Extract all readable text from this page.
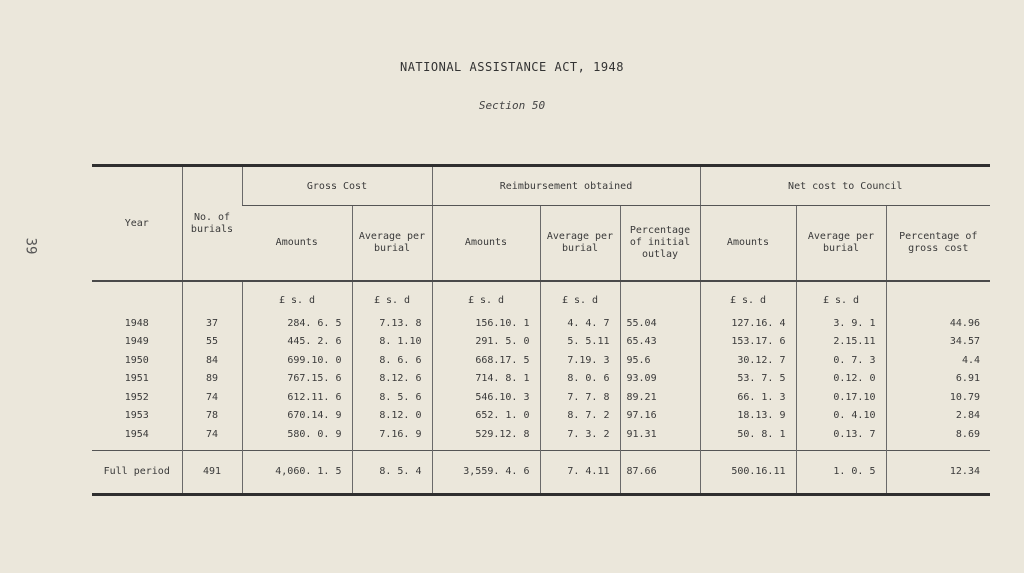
39
NATIONAL ASSISTANCE ACT, 1948
Section 50
Year	No. of burials	Gross Cost		Reimbursement obtained			Net cost to Council		
		Amounts	Average per burial	Amounts	Average per burial	Percentage of initial outlay	Amounts	Average per burial	Percentage of gross cost
		£ s. d	£ s. d	£ s. d	£ s. d		£ s. d	£ s. d	
1948	37	284. 6. 5	7.13. 8	156.10. 1	4. 4. 7	55.04	127.16. 4	3. 9. 1	44.96
1949	55	445. 2. 6	8. 1.10	291. 5. 0	5. 5.11	65.43	153.17. 6	2.15.11	34.57
1950	84	699.10. 0	8. 6. 6	668.17. 5	7.19. 3	95.6	30.12. 7	0. 7. 3	4.4
1951	89	767.15. 6	8.12. 6	714. 8. 1	8. 0. 6	93.09	53. 7. 5	0.12. 0	6.91
1952	74	612.11. 6	8. 5. 6	546.10. 3	7. 7. 8	89.21	66. 1. 3	0.17.10	10.79
1953	78	670.14. 9	8.12. 0	652. 1. 0	8. 7. 2	97.16	18.13. 9	0. 4.10	2.84
1954	74	580. 0. 9	7.16. 9	529.12. 8	7. 3. 2	91.31	50. 8. 1	0.13. 7	8.69

Full period	491	4,060. 1. 5	8. 5. 4	3,559. 4. 6	7. 4.11	87.66	500.16.11	1. 0. 5	12.34
